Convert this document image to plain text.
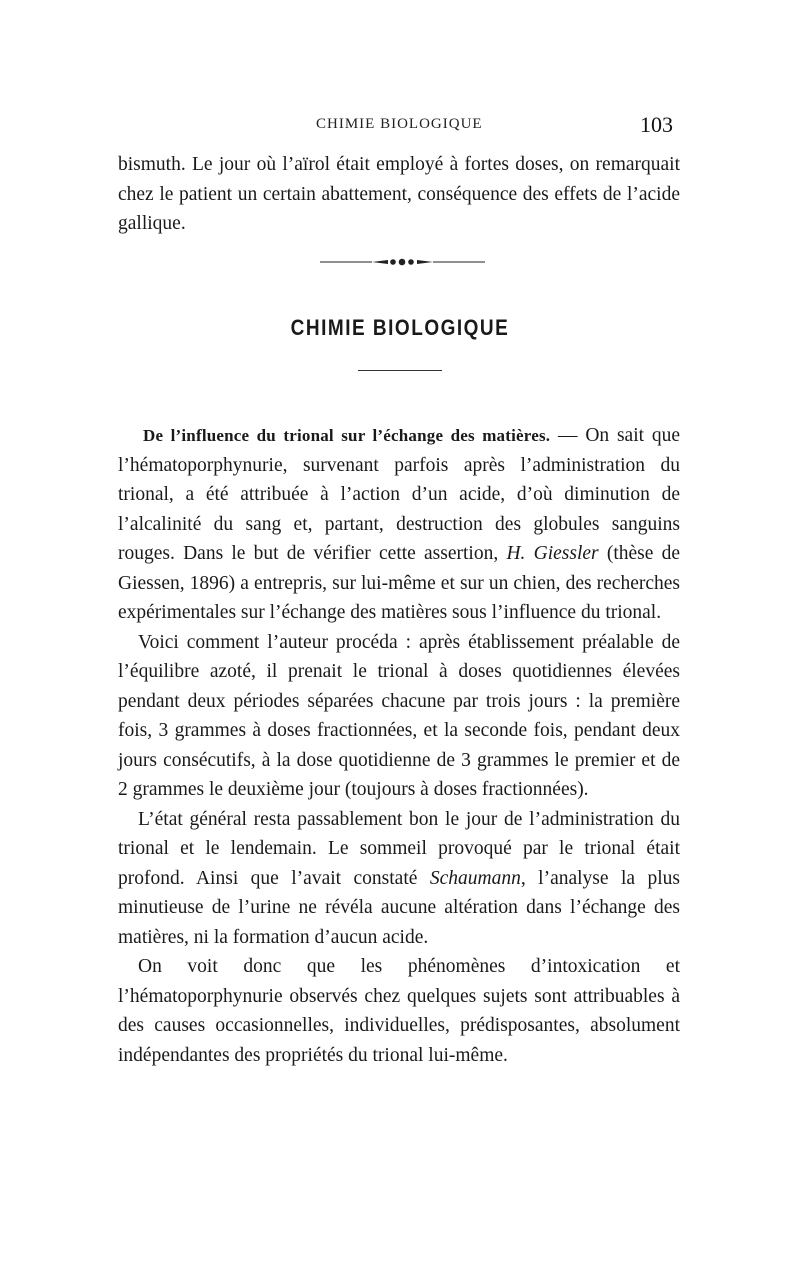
CHIMIE BIOLOGIQUE	103
bismuth. Le jour où l’aïrol était employé à fortes doses, on remarquait chez le patient un certain abattement, conséquence des effets de l’acide gallique.
CHIMIE BIOLOGIQUE

De l’influence du trional sur l’échange des matières. — On sait que l’hématoporphynurie, survenant parfois après l’administration du trional, a été attribuée à l’action d’un acide, d’où diminution de l’alcalinité du sang et, partant, destruction des globules sanguins rouges. Dans le but de vérifier cette assertion, H. Giessler (thèse de Giessen, 1896) a entrepris, sur lui-même et sur un chien, des recherches expérimentales sur l’échange des matières sous l’influence du trional.

Voici comment l’auteur procéda : après établissement préalable de l’équilibre azoté, il prenait le trional à doses quotidiennes élevées pendant deux périodes séparées chacune par trois jours : la première fois, 3 grammes à doses fractionnées, et la seconde fois, pendant deux jours consécutifs, à la dose quotidienne de 3 grammes le premier et de 2 grammes le deuxième jour (toujours à doses fractionnées).

L’état général resta passablement bon le jour de l’administration du trional et le lendemain. Le sommeil provoqué par le trional était profond. Ainsi que l’avait constaté Schaumann, l’analyse la plus minutieuse de l’urine ne révéla aucune altération dans l’échange des matières, ni la formation d’aucun acide.

On voit donc que les phénomènes d’intoxication et l’hématoporphynurie observés chez quelques sujets sont attribuables à des causes occasionnelles, individuelles, prédisposantes, absolument indépendantes des propriétés du trional lui-même.
